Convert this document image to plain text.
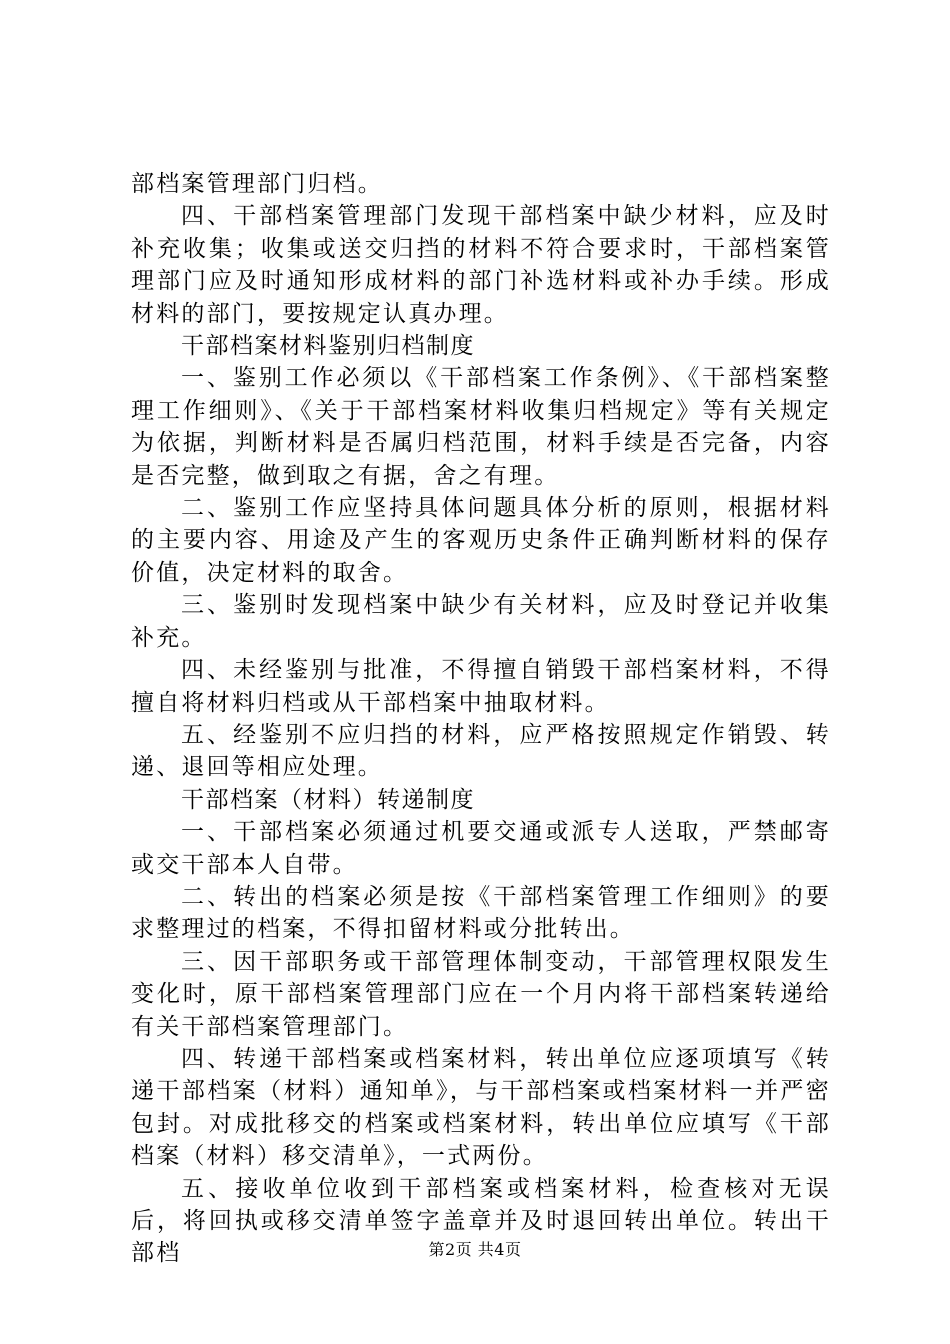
部档案管理部门归档。

四、干部档案管理部门发现干部档案中缺少材料，应及时补充收集；收集或送交归挡的材料不符合要求时，干部档案管理部门应及时通知形成材料的部门补选材料或补办手续。形成材料的部门，要按规定认真办理。

干部档案材料鉴别归档制度

一、鉴别工作必须以《干部档案工作条例》、《干部档案整理工作细则》、《关于干部档案材料收集归档规定》等有关规定为依据，判断材料是否属归档范围，材料手续是否完备，内容是否完整，做到取之有据，舍之有理。

二、鉴别工作应坚持具体问题具体分析的原则，根据材料的主要内容、用途及产生的客观历史条件正确判断材料的保存价值，决定材料的取舍。

三、鉴别时发现档案中缺少有关材料，应及时登记并收集补充。

四、未经鉴别与批准，不得擅自销毁干部档案材料，不得擅自将材料归档或从干部档案中抽取材料。

五、经鉴别不应归挡的材料，应严格按照规定作销毁、转递、退回等相应处理。

干部档案（材料）转递制度

一、干部档案必须通过机要交通或派专人送取，严禁邮寄或交干部本人自带。

二、转出的档案必须是按《干部档案管理工作细则》的要求整理过的档案，不得扣留材料或分批转出。

三、因干部职务或干部管理体制变动，干部管理权限发生变化时，原干部档案管理部门应在一个月内将干部档案转递给有关干部档案管理部门。

四、转递干部档案或档案材料，转出单位应逐项填写《转递干部档案（材料）通知单》，与干部档案或档案材料一并严密包封。对成批移交的档案或档案材料，转出单位应填写《干部档案（材料）移交清单》，一式两份。

五、接收单位收到干部档案或档案材料，检查核对无误后，将回执或移交清单签字盖章并及时退回转出单位。转出干部档	第2页 共4页
